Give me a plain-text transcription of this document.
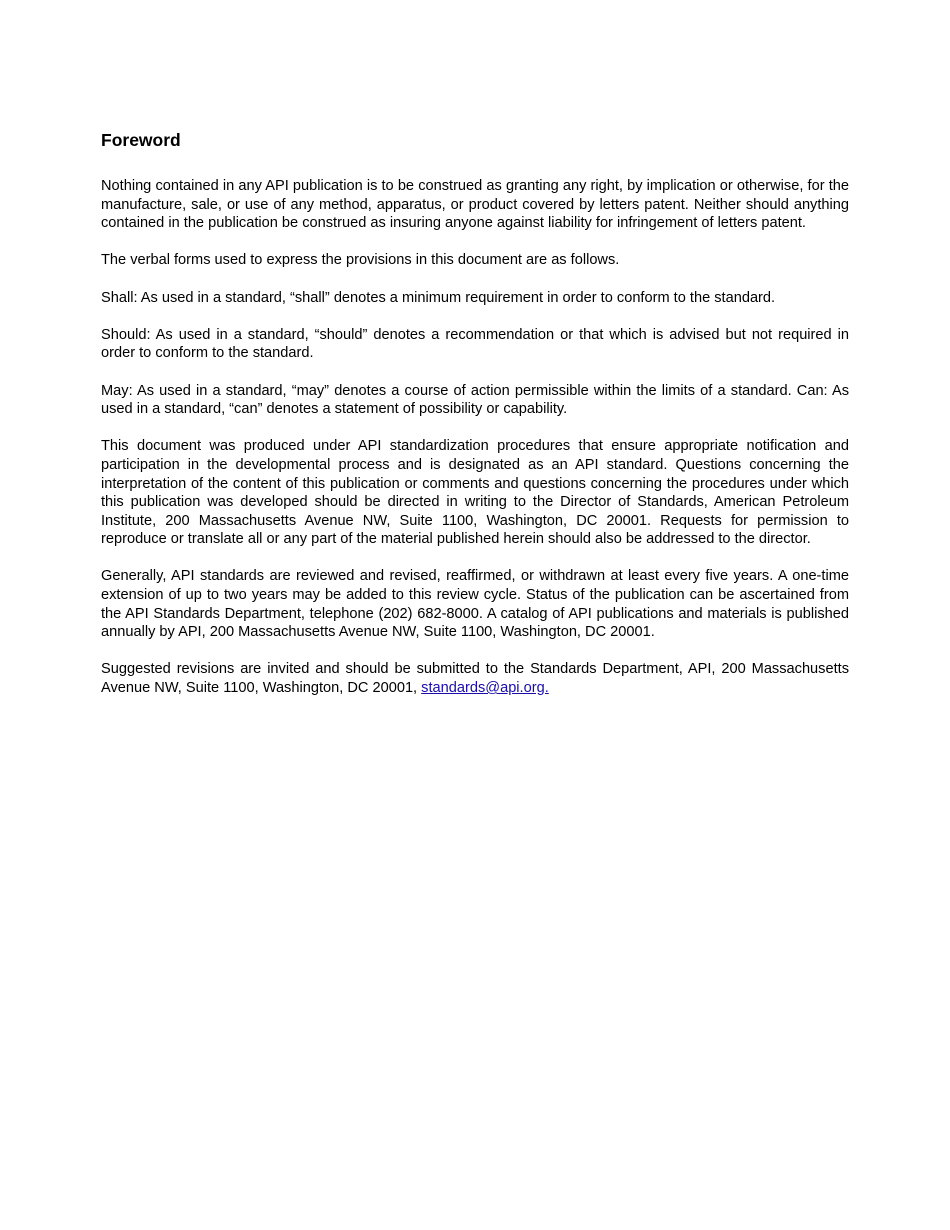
Foreword

Nothing contained in any API publication is to be construed as granting any right, by implication or otherwise, for the manufacture, sale, or use of any method, apparatus, or product covered by letters patent. Neither should anything contained in the publication be construed as insuring anyone against liability for infringement of letters patent.

The verbal forms used to express the provisions in this document are as follows.

Shall: As used in a standard, “shall” denotes a minimum requirement in order to conform to the standard.

Should: As used in a standard, “should” denotes a recommendation or that which is advised but not required in order to conform to the standard.

May: As used in a standard, “may” denotes a course of action permissible within the limits of a standard. Can: As used in a standard, “can” denotes a statement of possibility or capability.

This document was produced under API standardization procedures that ensure appropriate notification and participation in the developmental process and is designated as an API standard. Questions concerning the interpretation of the content of this publication or comments and questions concerning the procedures under which this publication was developed should be directed in writing to the Director of Standards, American Petroleum Institute, 200 Massachusetts Avenue NW, Suite 1100, Washington, DC 20001. Requests for permission to reproduce or translate all or any part of the material published herein should also be addressed to the director.

Generally, API standards are reviewed and revised, reaffirmed, or withdrawn at least every five years. A one-time extension of up to two years may be added to this review cycle. Status of the publication can be ascertained from the API Standards Department, telephone (202) 682-8000. A catalog of API publications and materials is published annually by API, 200 Massachusetts Avenue NW, Suite 1100, Washington, DC 20001.

Suggested revisions are invited and should be submitted to the Standards Department, API, 200 Massachusetts Avenue NW, Suite 1100, Washington, DC 20001, standards@api.org.
